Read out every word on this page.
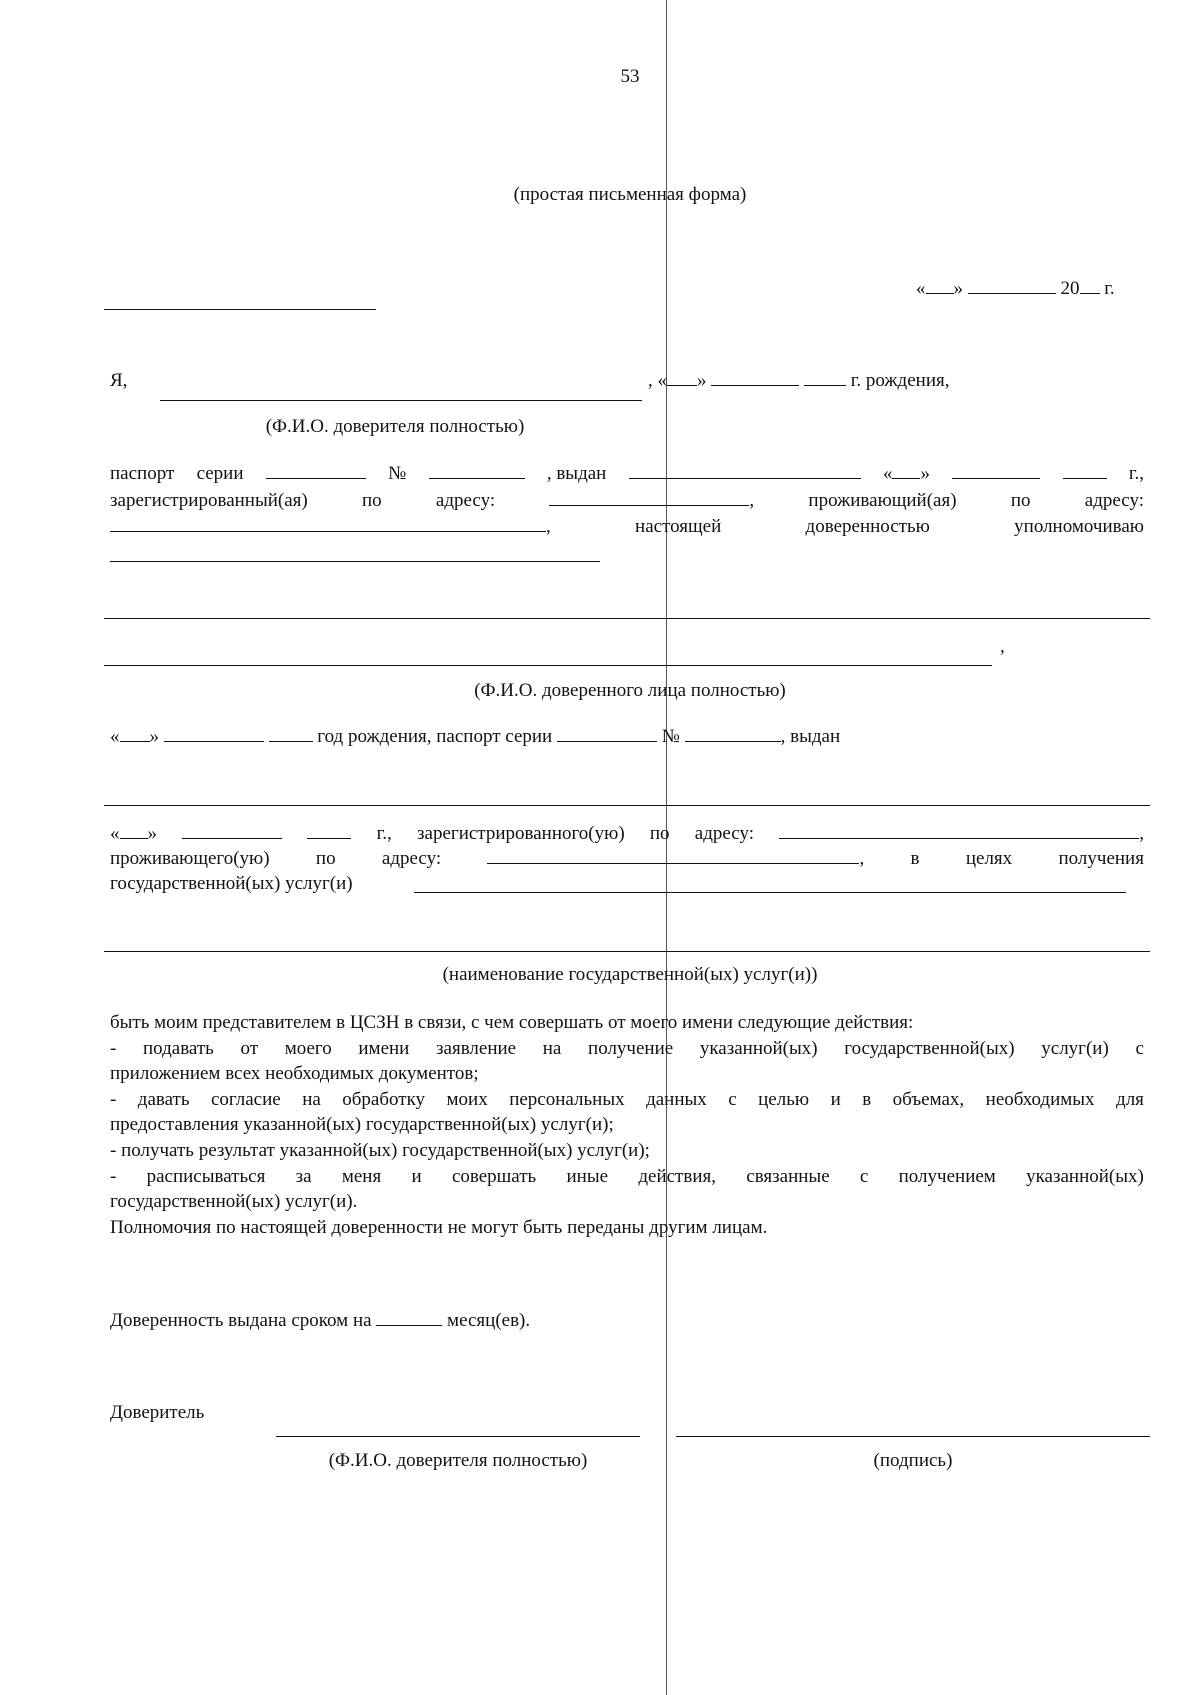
53
(простая письменная форма)
« »	20 г.
Я,	, « »	г. рождения,
(Ф.И.О. доверителя полностью)
паспорт серии	№	, выдан	« »	г.,
зарегистрированный(ая)	по	адресу:	,	проживающий(ая)	по	адресу:
,	настоящей	доверенностью	уполномочиваю
,
(Ф.И.О. доверенного лица полностью)
« »	год рождения, паспорт серии	№	, выдан
« »	г., зарегистрированного(ую) по адресу:	,
проживающего(ую) по адресу:	, в целях получения
государственной(ых) услуг(и)
(наименование государственной(ых) услуг(и))
быть моим представителем в ЦСЗН в связи, с чем совершать от моего имени следующие действия:
- подавать от моего имени заявление на получение указанной(ых) государственной(ых) услуг(и) с
приложением всех необходимых документов;
- давать согласие на обработку моих персональных данных с целью и в объемах, необходимых для
предоставления указанной(ых) государственной(ых) услуг(и);
- получать результат указанной(ых) государственной(ых) услуг(и);
- расписываться за меня и совершать иные действия, связанные с получением указанной(ых)
государственной(ых) услуг(и).
Полномочия по настоящей доверенности не могут быть переданы другим лицам.
Доверенность выдана сроком на	месяц(ев).
Доверитель
(Ф.И.О. доверителя полностью)	(подпись)
